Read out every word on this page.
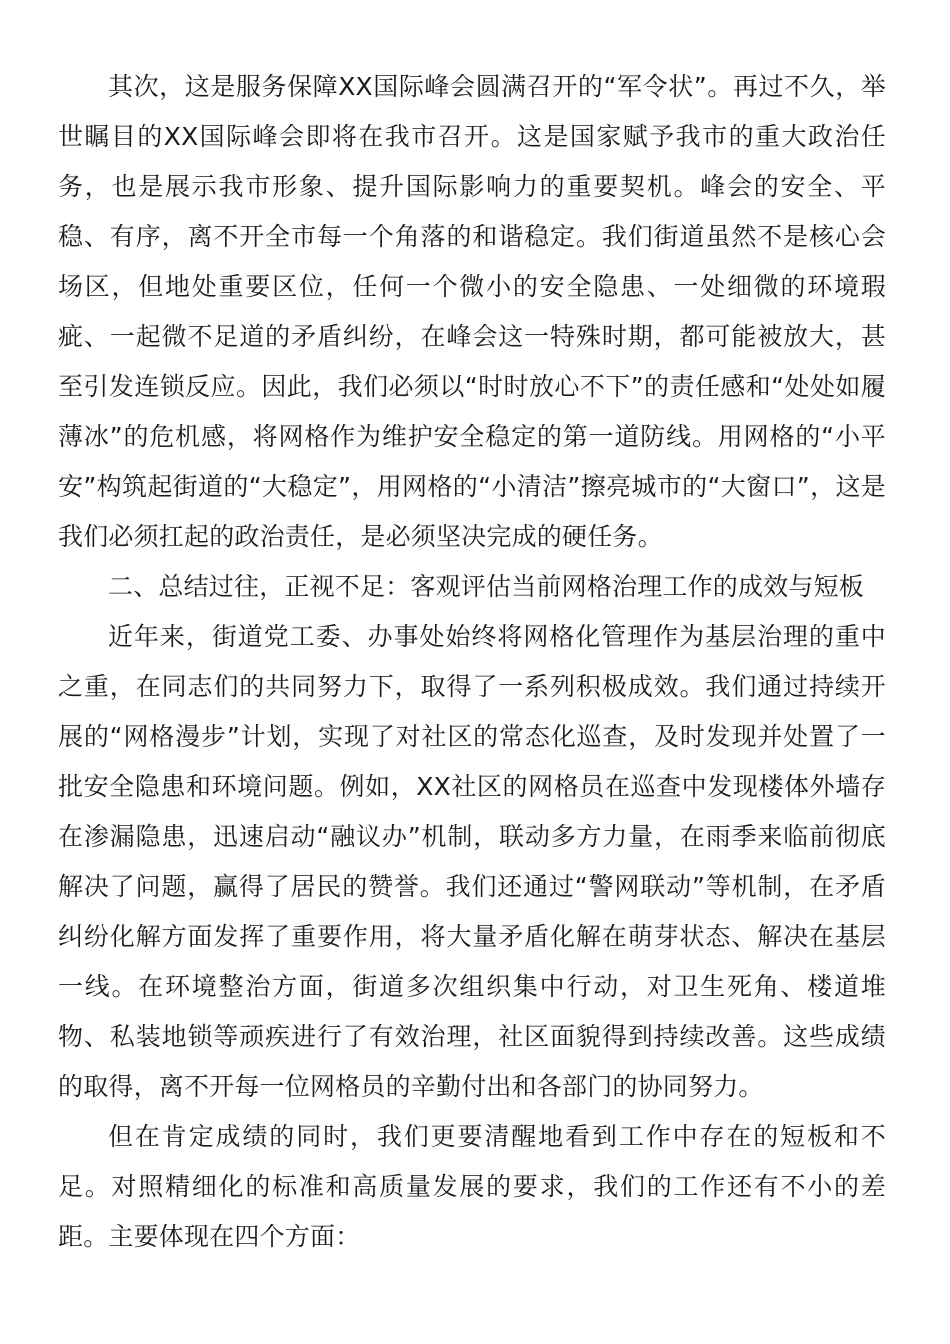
其次，这是服务保障XX国际峰会圆满召开的“军令状”。再过不久，举世瞩目的XX国际峰会即将在我市召开。这是国家赋予我市的重大政治任务，也是展示我市形象、提升国际影响力的重要契机。峰会的安全、平稳、有序，离不开全市每一个角落的和谐稳定。我们街道虽然不是核心会场区，但地处重要区位，任何一个微小的安全隐患、一处细微的环境瑕疵、一起微不足道的矛盾纠纷，在峰会这一特殊时期，都可能被放大，甚至引发连锁反应。因此，我们必须以“时时放心不下”的责任感和“处处如履薄冰”的危机感，将网格作为维护安全稳定的第一道防线。用网格的“小平安”构筑起街道的“大稳定”，用网格的“小清洁”擦亮城市的“大窗口”，这是我们必须扛起的政治责任，是必须坚决完成的硬任务。

二、总结过往，正视不足：客观评估当前网格治理工作的成效与短板

近年来，街道党工委、办事处始终将网格化管理作为基层治理的重中之重，在同志们的共同努力下，取得了一系列积极成效。我们通过持续开展的“网格漫步”计划，实现了对社区的常态化巡查，及时发现并处置了一批安全隐患和环境问题。例如，XX社区的网格员在巡查中发现楼体外墙存在渗漏隐患，迅速启动“融议办”机制，联动多方力量，在雨季来临前彻底解决了问题，赢得了居民的赞誉。我们还通过“警网联动”等机制，在矛盾纠纷化解方面发挥了重要作用，将大量矛盾化解在萌芽状态、解决在基层一线。在环境整治方面，街道多次组织集中行动，对卫生死角、楼道堆物、私装地锁等顽疾进行了有效治理，社区面貌得到持续改善。这些成绩的取得，离不开每一位网格员的辛勤付出和各部门的协同努力。

但在肯定成绩的同时，我们更要清醒地看到工作中存在的短板和不足。对照精细化的标准和高质量发展的要求，我们的工作还有不小的差距。主要体现在四个方面：
